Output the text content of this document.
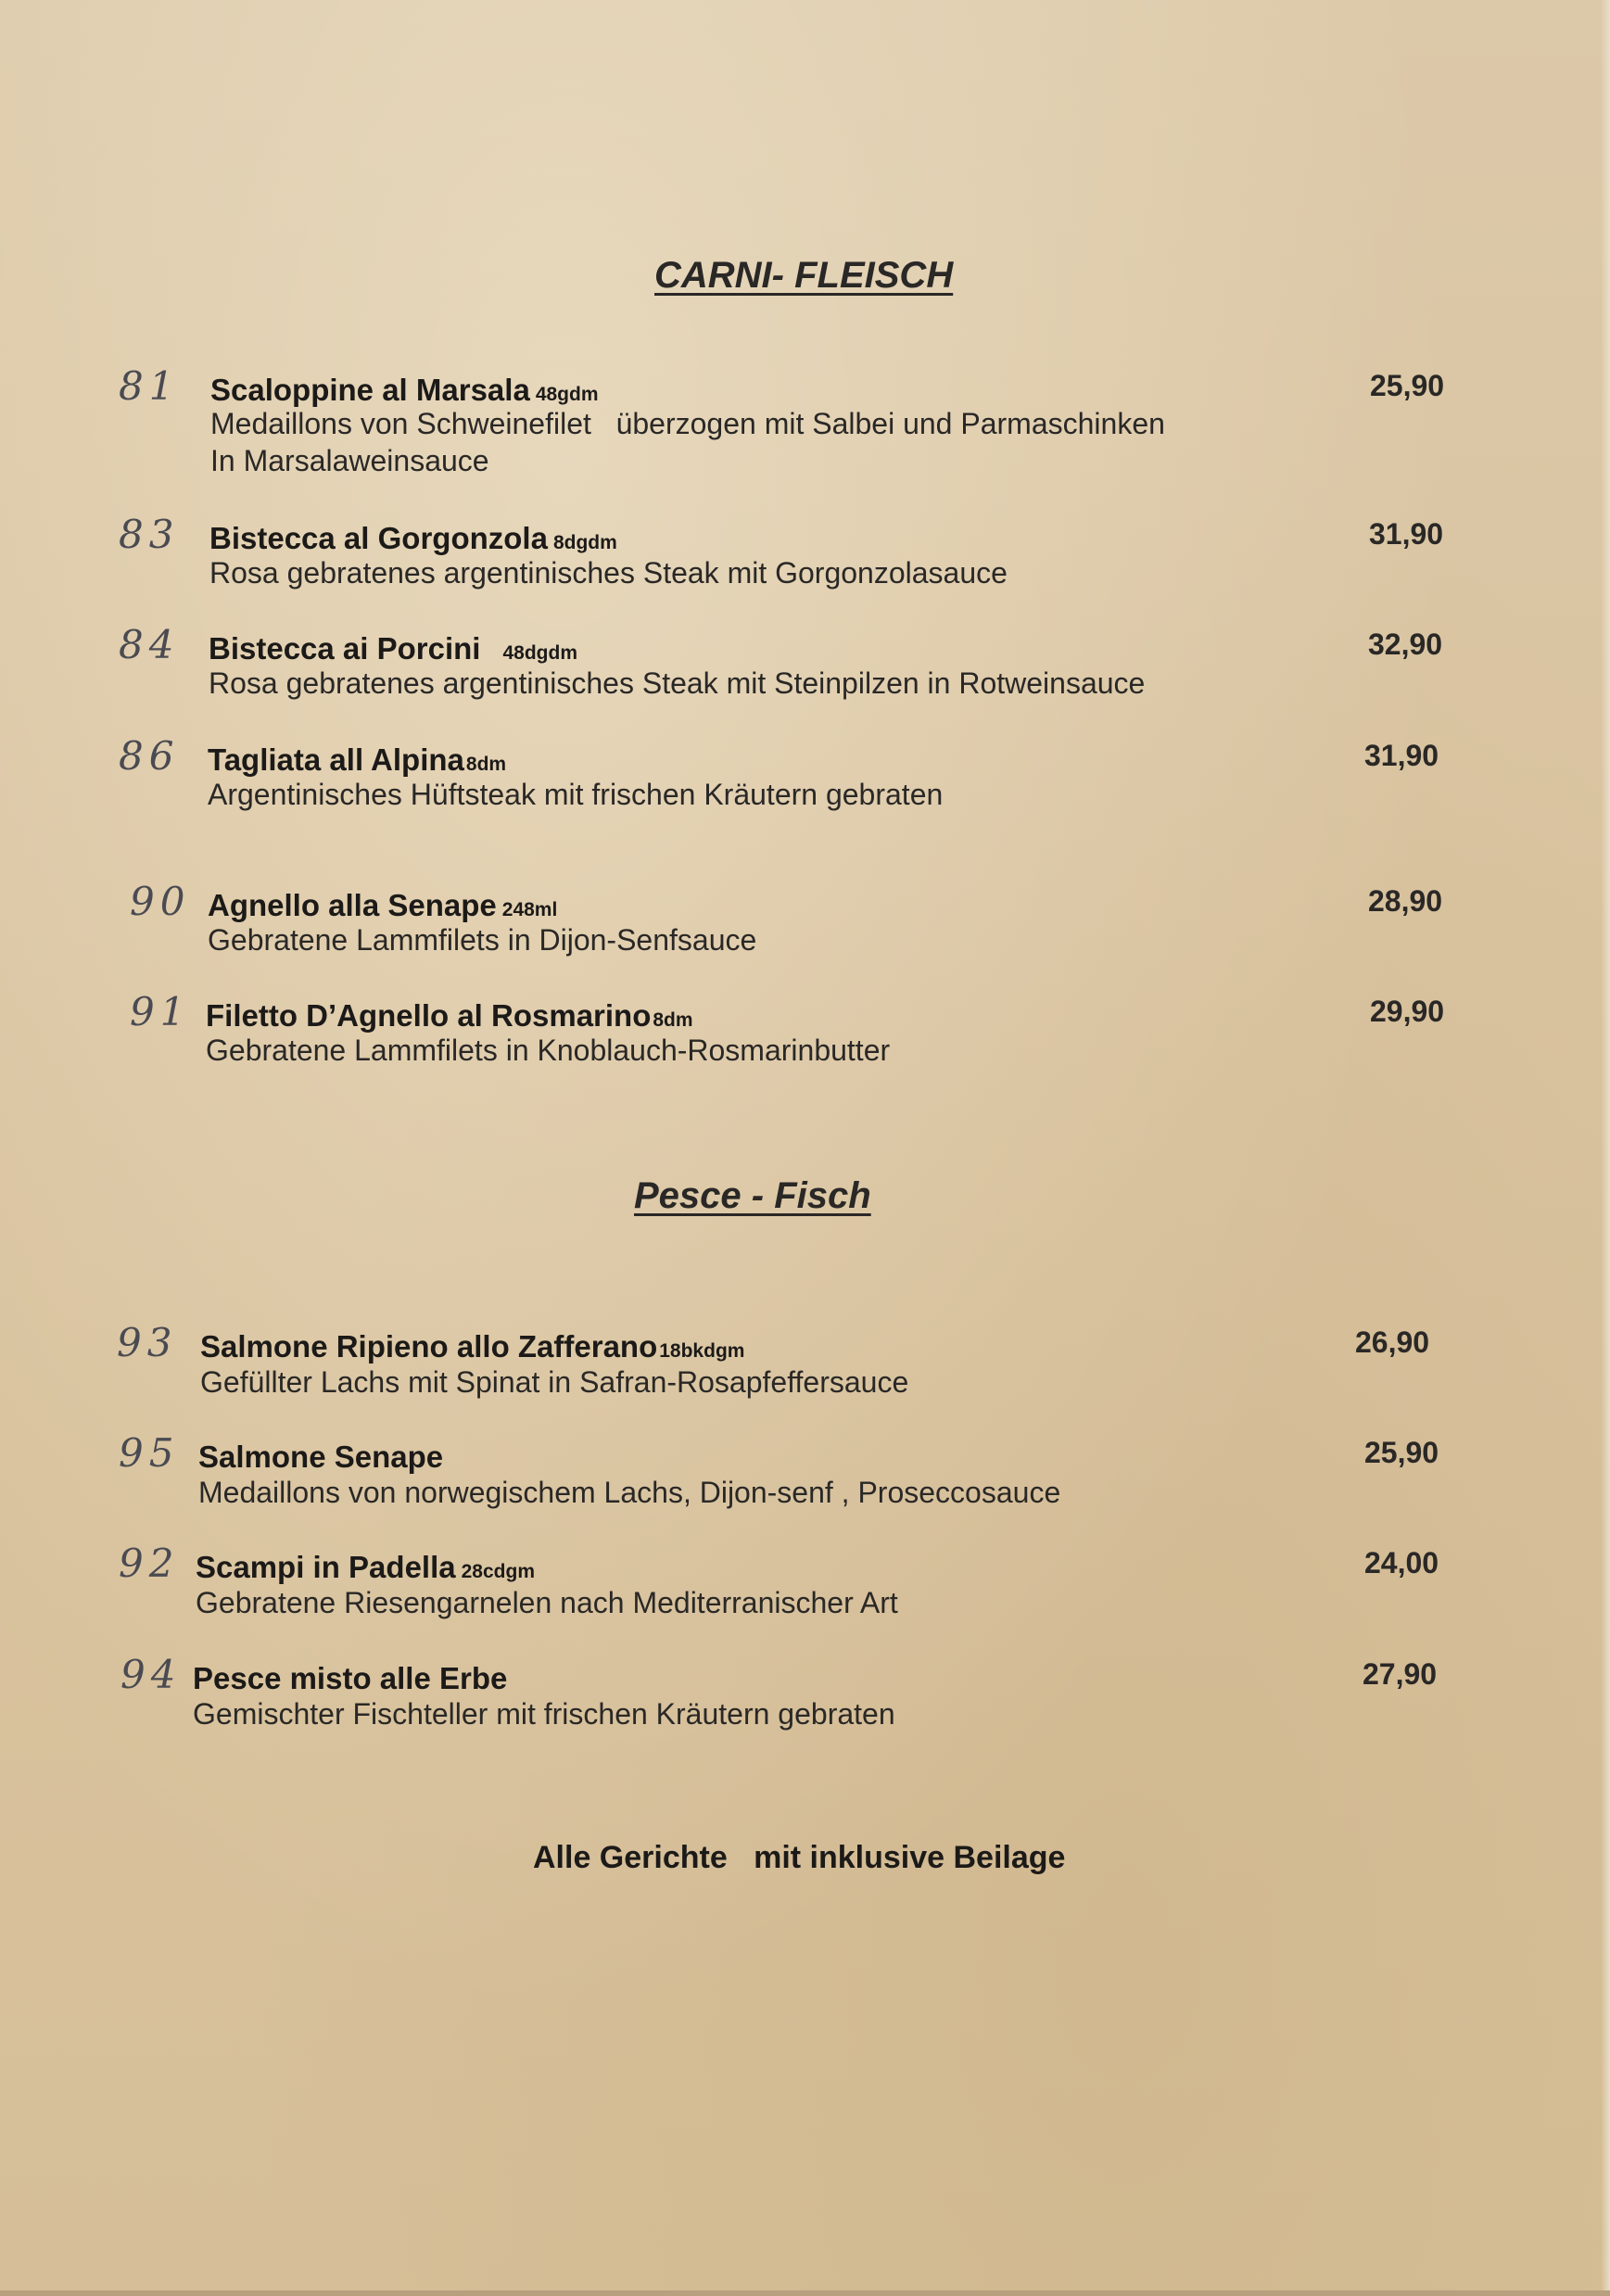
CARNI- FLEISCH
81 Scaloppine al Marsala 48gdm
Medaillons von Schweinefilet   überzogen mit Salbei und Parmaschinken
In Marsalaweinsauce
25,90
83 Bistecca al Gorgonzola 8dgdm
Rosa gebratenes argentinisches Steak mit Gorgonzolasauce
31,90
84 Bistecca ai Porcini 48dgdm
Rosa gebratenes argentinisches Steak mit Steinpilzen in Rotweinsauce
32,90
86 Tagliata all Alpina8dm
Argentinisches Hüftsteak mit frischen Kräutern gebraten
31,90
90 Agnello alla Senape 248ml
Gebratene Lammfilets in Dijon-Senfsauce
28,90
91 Filetto D’Agnello al Rosmarino8dm
Gebratene Lammfilets in Knoblauch-Rosmarinbutter
29,90
Pesce - Fisch
93 Salmone Ripieno allo Zafferano18bkdgm
Gefüllter Lachs mit Spinat in Safran-Rosapfeffersauce
26,90
95 Salmone Senape
Medaillons von norwegischem Lachs, Dijon-senf , Proseccosauce
25,90
92 Scampi in Padella 28cdgm
Gebratene Riesengarnelen nach Mediterranischer Art
24,00
94 Pesce misto alle Erbe
Gemischter Fischteller mit frischen Kräutern gebraten
27,90
Alle Gerichte   mit inklusive Beilage
